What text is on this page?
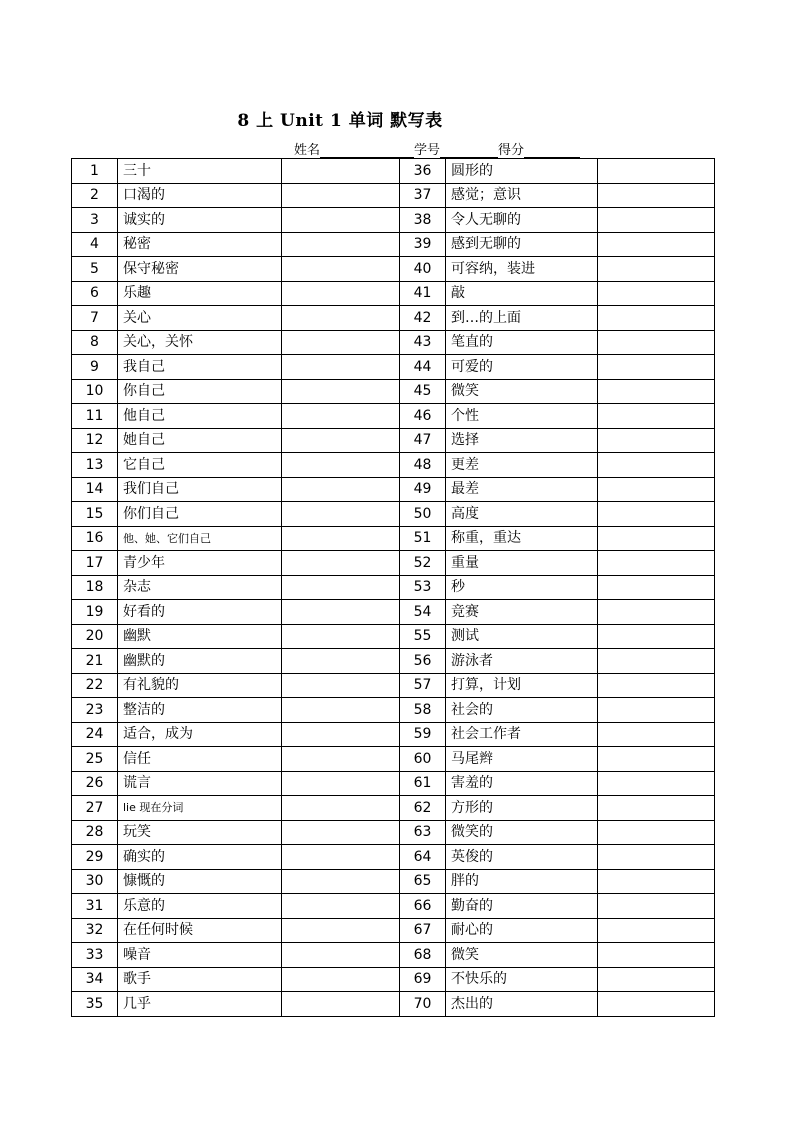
8 上 Unit 1 单词 默写表
姓名	学号	得分
1	三十		36	圆形的	
2	口渴的		37	感觉；意识	
3	诚实的		38	令人无聊的	
4	秘密		39	感到无聊的	
5	保守秘密		40	可容纳，装进	
6	乐趣		41	敲	
7	关心		42	到…的上面	
8	关心，关怀		43	笔直的	
9	我自己		44	可爱的	
10	你自己		45	微笑	
11	他自己		46	个性	
12	她自己		47	选择	
13	它自己		48	更差	
14	我们自己		49	最差	
15	你们自己		50	高度	
16	他、她、它们自己		51	称重，重达	
17	青少年		52	重量	
18	杂志		53	秒	
19	好看的		54	竞赛	
20	幽默		55	测试	
21	幽默的		56	游泳者	
22	有礼貌的		57	打算，计划	
23	整洁的		58	社会的	
24	适合，成为		59	社会工作者	
25	信任		60	马尾辫	
26	谎言		61	害羞的	
27	lie 现在分词		62	方形的	
28	玩笑		63	微笑的	
29	确实的		64	英俊的	
30	慷慨的		65	胖的	
31	乐意的		66	勤奋的	
32	在任何时候		67	耐心的	
33	噪音		68	微笑	
34	歌手		69	不快乐的	
35	几乎		70	杰出的	
